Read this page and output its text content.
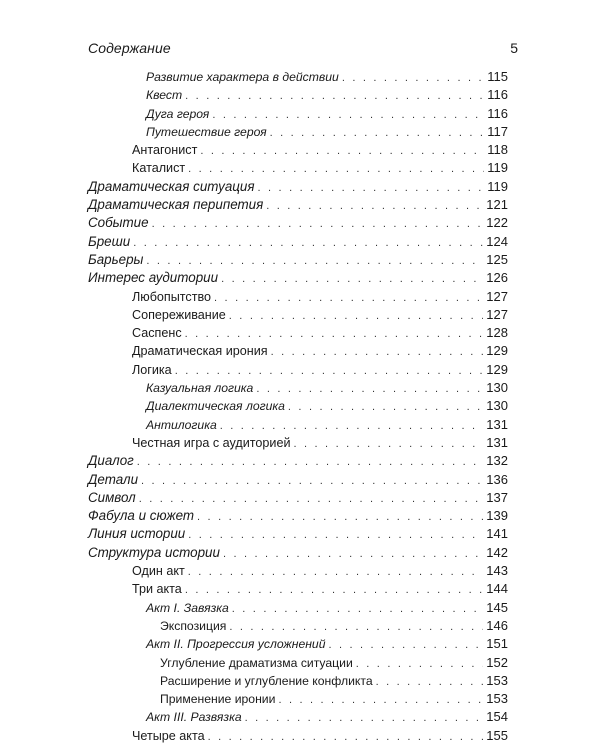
Содержание	5
Развитие характера в действии . . .	115
Квест . . .	116
Дуга героя . . .	116
Путешествие героя . . .	117
Антагонист . . .	118
Каталист . . .	119
Драматическая ситуация . . .	119
Драматическая перипетия . . .	121
Событие . . .	122
Бреши . . .	124
Барьеры . . .	125
Интерес аудитории . . .	126
Любопытство . . .	127
Сопереживание . . .	127
Саспенс . . .	128
Драматическая ирония . . .	129
Логика . . .	129
Казуальная логика . . .	130
Диалектическая логика . . .	130
Антилогика . . .	131
Честная игра с аудиторией . . .	131
Диалог . . .	132
Детали . . .	136
Символ . . .	137
Фабула и сюжет . . .	139
Линия истории . . .	141
Структура истории . . .	142
Один акт . . .	143
Три акта . . .	144
Акт I. Завязка . . .	145
Экспозиция . . .	146
Акт II. Прогрессия усложнений . . .	151
Углубление драматизма ситуации . . .	152
Расширение и углубление конфликта . . .	153
Применение иронии . . .	153
Акт III. Развязка . . .	154
Четыре акта . . .	155
